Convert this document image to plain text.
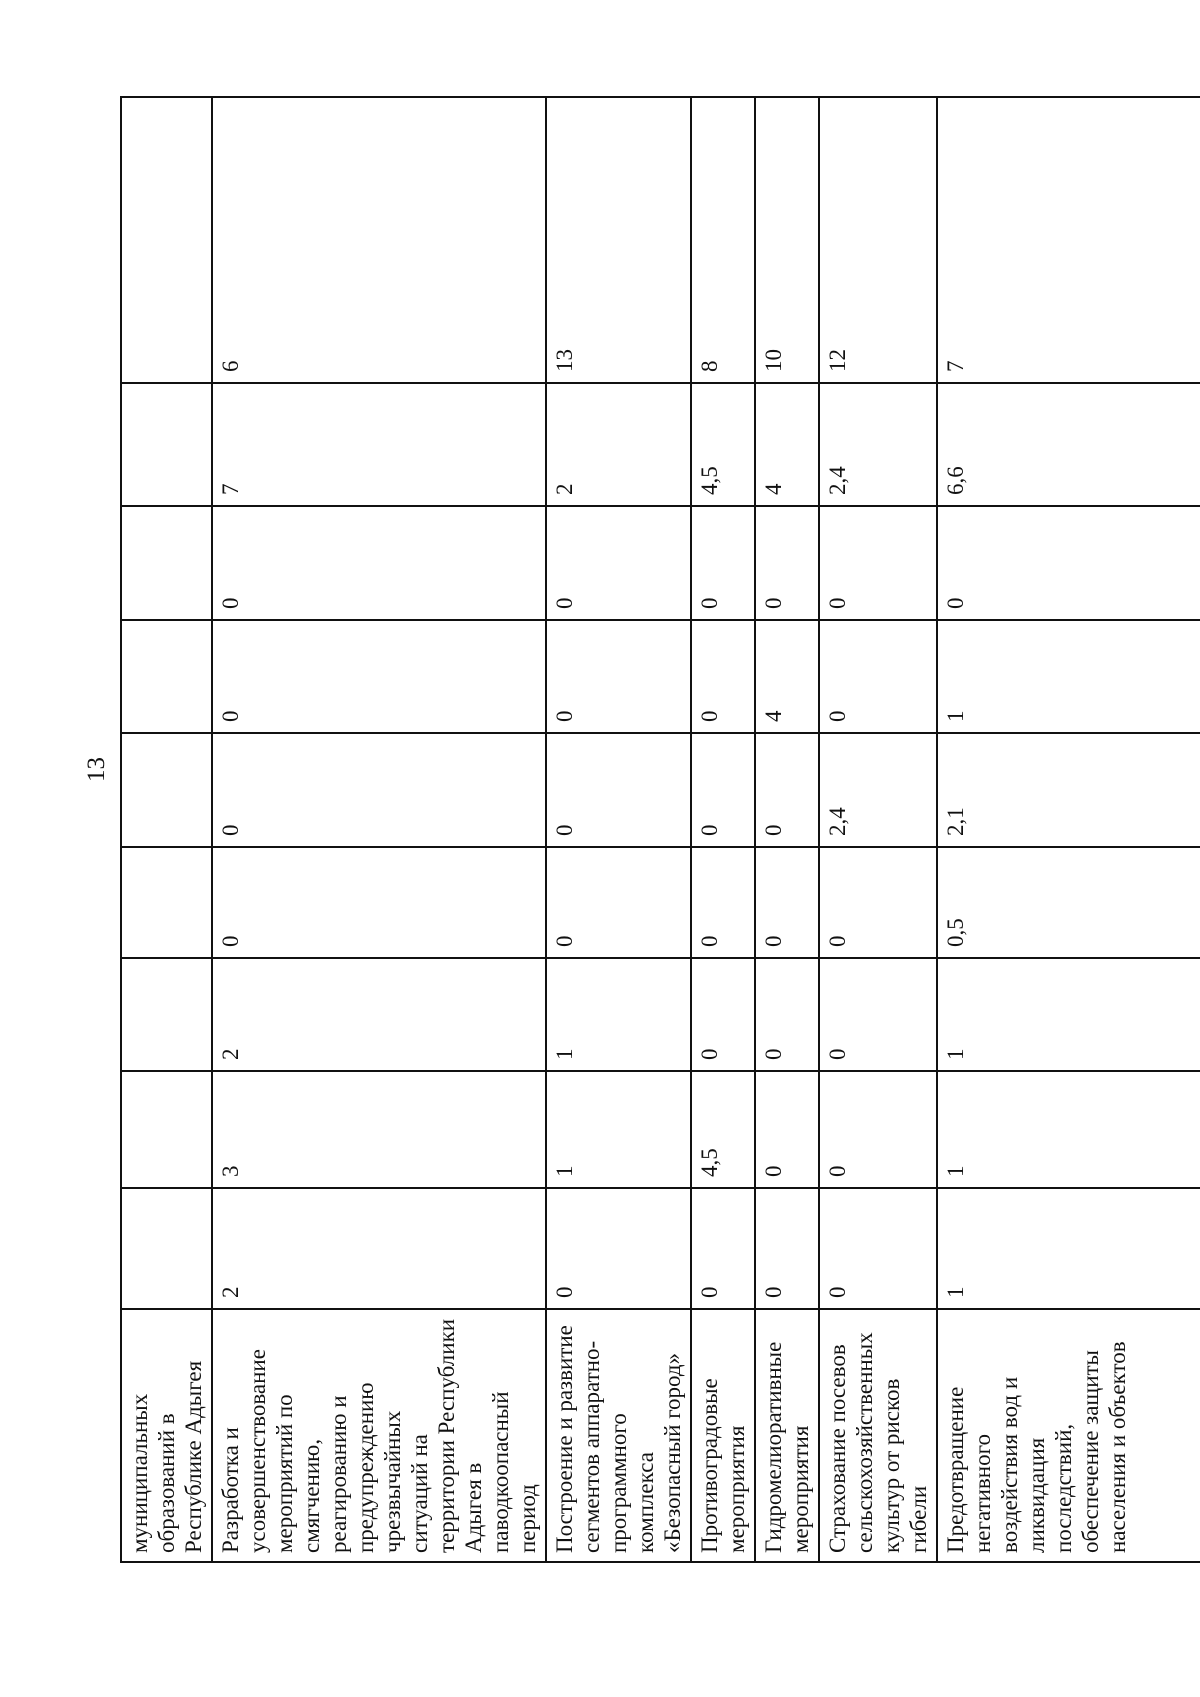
13
муниципальных образований в Республике Адыгея									
Разработка и усовершенствование мероприятий по смягчению, реагированию и предупреждению чрезвычайных ситуаций на территории Республики Адыгея в паводкоопасный период	2	3	2	0	0	0	0	7	6
Построение и развитие сегментов аппаратно-программного комплекса «Безопасный город»	0	1	1	0	0	0	0	2	13
Противоградовые мероприятия	0	4,5	0	0	0	0	0	4,5	8
Гидромелиоративные мероприятия	0	0	0	0	0	4	0	4	10
Страхование посевов сельскохозяйственных культур от рисков гибели	0	0	0	0	2,4	0	0	2,4	12
Предотвращение негативного воздействия вод и ликвидация последствий, обеспечение защиты населения и объектов	1	1	1	0,5	2,1	1	0	6,6	7
